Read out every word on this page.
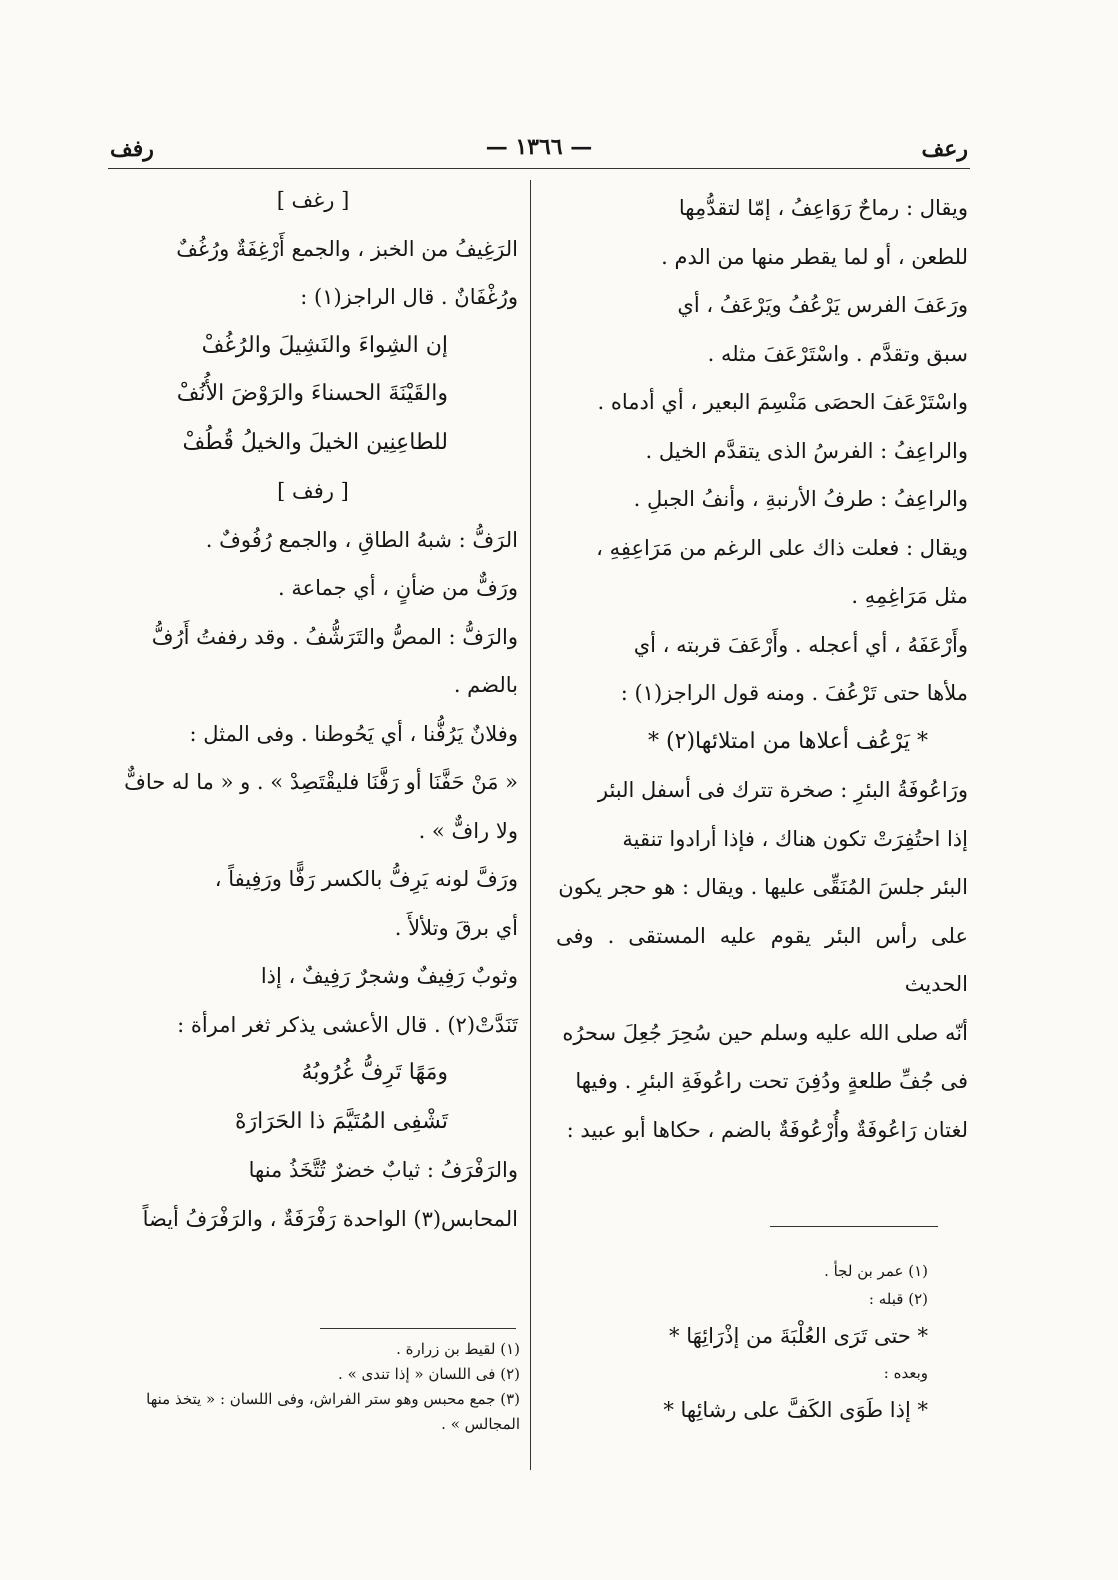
رعف
— ١٣٦٦ —
رفف

ويقال : رماحٌ رَوَاعِفُ ، إمّا لتقدُّمِها

للطعن ، أو لما يقطر منها من الدم .

ورَعَفَ الفرس يَرْعُفُ ويَرْعَفُ ، أي

سبق وتقدَّم . واسْتَرْعَفَ مثله .

واسْتَرْعَفَ الحصَى مَنْسِمَ البعير ، أي أدماه .

والراعِفُ : الفرسُ الذى يتقدَّم الخيل .

والراعِفُ : طرفُ الأرنبةِ ، وأنفُ الجبلِ .

ويقال : فعلت ذاك على الرغم من مَرَاعِفِهِ ،

مثل مَرَاغِمِهِ .

وأَرْعَفَهُ ، أي أعجله . وأَرْعَفَ قربته ، أي

ملأها حتى تَرْعُفَ . ومنه قول الراجز(١) :

* يَرْعُف أعلاها من امتلائها(٢) *

ورَاعُوفَةُ البئرِ : صخرة تترك فى أسفل البئر

إذا احتُفِرَتْ تكون هناك ، فإذا أرادوا تنقية

البئر جلسَ المُنَقِّى عليها . ويقال : هو حجر يكون

على رأس البئر يقوم عليه المستقى . وفى الحديث

أنّه صلى الله عليه وسلم حين سُحِرَ جُعِلَ سحرُه

فى جُفِّ طلعةٍ ودُفِنَ تحت راعُوفَةِ البئرِ . وفيها

لغتان رَاعُوفَةٌ وأُرْعُوفَةٌ بالضم ، حكاها أبو عبيد :

(١) عمر بن لجأ .

(٢) قبله :

* حتى تَرَى العُلْبَةَ من إذْرَائِهَا *

وبعده :

* إذا طَوَى الكَفَّ على رشائِها *

[ رغف ]

الرَغِيفُ من الخبز ، والجمع أَرْغِفَةٌ ورُغُفٌ

ورُغْفَانٌ . قال الراجز(١) :

إن الشِواءَ والنَشِيلَ والرُغُفْ

والقَيْنَةَ الحسناءَ والرَوْضَ الأُنُفْ

للطاعِنِين الخيلَ والخيلُ قُطُفْ

[ رفف ]

الرَفُّ : شبهُ الطاقِ ، والجمع رُفُوفٌ .

ورَفٌّ من ضأنٍ ، أي جماعة .

والرَفُّ : المصُّ والتَرَشُّفُ . وقد رففتُ أَرُفُّ

بالضم .

وفلانٌ يَرُفُّنا ، أي يَحُوطنا . وفى المثل :

« مَنْ حَفَّنَا أو رَفَّنَا فليقْتَصِدْ » . و « ما له حافٌّ

ولا رافٌّ » .

ورَفَّ لونه يَرِفُّ بالكسر رَفًّا ورَفِيفاً ،

أي برقَ وتلألأَ .

وثوبٌ رَفِيفٌ وشجرٌ رَفِيفٌ ، إذا

تَنَدَّتْ(٢) . قال الأعشى يذكر ثغر امرأة :

ومَهًا تَرِفُّ غُرُوبُهُ

تَشْفِى المُتَيَّمَ ذا الحَرَارَهْ

والرَفْرَفُ : ثيابٌ خضرٌ تُتَّخَذُ منها

المحابس(٣) الواحدة رَفْرَفَةٌ ، والرَفْرَفُ أيضاً

(١) لقيط بن زرارة .

(٢) فى اللسان « إذا تندى » .

(٣) جمع محبس وهو ستر الفراش، وفى اللسان : « يتخذ منها المجالس » .
